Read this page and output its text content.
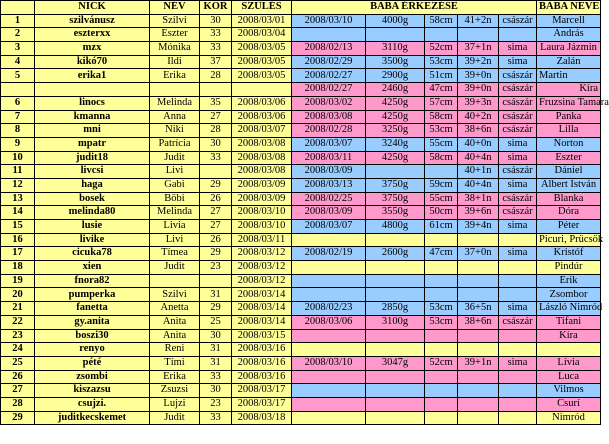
	NICK	NÉV	KOR	SZÜLÉS	BABA ÉRKEZÉSE					BABA NEVE
1	szilvánusz	Szilvi	30	2008/03/01	2008/03/10	4000g	58cm	41+2n	császár	Marcell
2	eszterxx	Eszter	33	2008/03/04						András
3	mzx	Mónika	33	2008/03/05	2008/02/13	3110g	52cm	37+1n	sima	Laura Jázmin
4	kikó70	Ildi	37	2008/03/05	2008/02/29	3500g	53cm	39+2n	sima	Zalán
5	erika1	Erika	28	2008/03/05	2008/02/27	2900g	51cm	39+0n	császár	Martin
					2008/02/27	2460g	47cm	39+0n	császár	Kíra
6	linocs	Melinda	35	2008/03/06	2008/03/02	4250g	57cm	39+3n	császár	Fruzsina Tamara
7	kmanna	Anna	27	2008/03/06	2008/03/08	4250g	58cm	40+2n	császár	Panka
8	mni	Niki	28	2008/03/07	2008/02/28	3250g	53cm	38+6n	császár	Lilla
9	mpatr	Patrícia	30	2008/03/08	2008/03/07	3240g	55cm	40+0n	sima	Norton
10	judit18	Judit	33	2008/03/08	2008/03/11	4250g	58cm	40+4n	sima	Eszter
11	livcsi	Livi		2008/03/08	2008/03/09			40+1n	császár	Dániel
12	haga	Gabi	29	2008/03/09	2008/03/13	3750g	59cm	40+4n	sima	Albert István
13	bosek	Böbi	26	2008/03/09	2008/02/25	3750g	55cm	38+1n	császár	Blanka
14	melinda80	Melinda	27	2008/03/10	2008/03/09	3550g	50cm	39+6n	császár	Dóra
15	lusie	Livia	27	2008/03/10	2008/03/07	4800g	61cm	39+4n	sima	Péter
16	livike	Livi	26	2008/03/11						Picuri, Prücsök
17	cicuka78	Tímea	29	2008/03/12	2008/02/19	2600g	47cm	37+0n	sima	Kristóf
18	xien	Judit	23	2008/03/12						Pindúr
19	fnora82			2008/03/12						Erik
20	pumperka	Szilvi	31	2008/03/14						Zsombor
21	fanetta	Anetta	29	2008/03/14	2008/02/23	2850g	53cm	36+5n	sima	László Nimród
22	gy.anita	Anita	25	2008/03/14	2008/03/06	3100g	53cm	38+6n	császár	Tifani
23	boszi30	Anita	30	2008/03/15						Kíra
24	renyo	Reni	31	2008/03/16						
25	pété	Tími	31	2008/03/16	2008/03/10	3047g	52cm	39+1n	sima	Lívia
26	zsombi	Erika	33	2008/03/16						Luca
27	kiszazsu	Zsuzsi	30	2008/03/17						Vilmos
28	csujzi.	Lujzi	23	2008/03/17						Csurí
29	juditkecskemet	Judit	33	2008/03/18						Nimród
